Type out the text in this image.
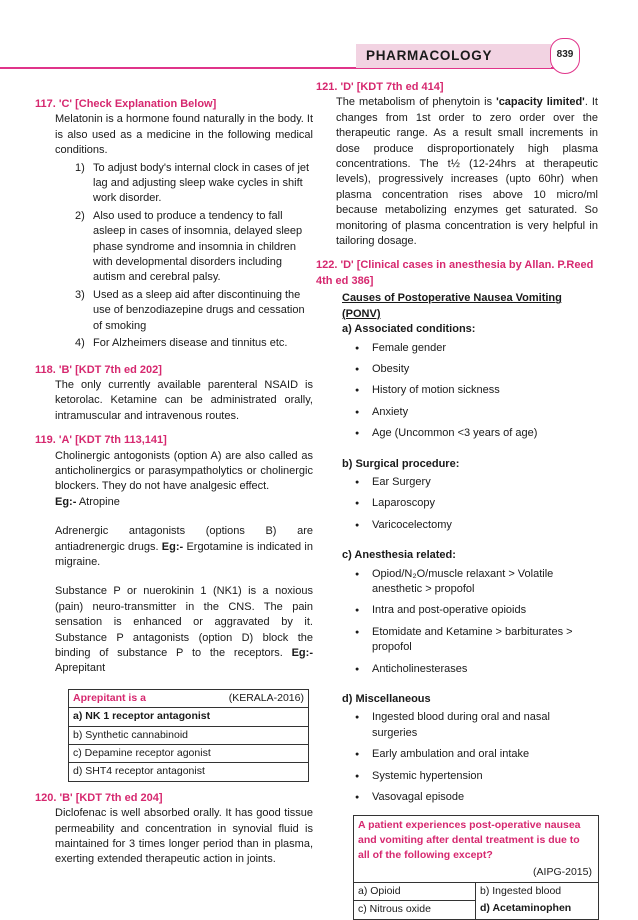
PHARMACOLOGY	839
117. 'C' [Check Explanation Below]

Melatonin is a hormone found naturally in the body. It is also used as a medicine in the following medical conditions.

1) To adjust body's internal clock in cases of jet lag and adjusting sleep wake cycles in shift work disorder.
2) Also used to produce a tendency to fall asleep in cases of insomnia, delayed sleep phase syndrome and insomnia in children with developmental disorders including autism and cerebral palsy.
3) Used as a sleep aid after discontinuing the use of benzodiazepine drugs and cessation of smoking
4) For Alzheimers disease and tinnitus etc.
118. 'B' [KDT 7th ed 202]

The only currently available parenteral NSAID is ketorolac. Ketamine can be administrated orally, intramuscular and intravenous routes.

119. 'A' [KDT 7th 113,141]

Cholinergic antogonists (option A) are also called as anticholinergics or parasympatholytics or cholinergic blockers. They do not have analgesic effect.
Eg:- Atropine

Adrenergic antagonists (options B) are antiadrenergic drugs. Eg:- Ergotamine is indicated in migraine.

Substance P or nuerokinin 1 (NK1) is a noxious (pain) neuro-transmitter in the CNS. The pain sensation is enhanced or aggravated by it. Substance P antagonists (option D) block the binding of substance P to the receptors. Eg:- Aprepitant

Aprepitant is a	(KERALA-2016)
a) NK 1 receptor antagonist
b) Synthetic cannabinoid
c) Depamine receptor agonist
d) SHT4 receptor antagonist
120. 'B' [KDT 7th ed 204]

Diclofenac is well absorbed orally. It has good tissue permeability and concentration in synovial fluid is maintained for 3 times longer period than in plasma, exerting extended therapeutic action in joints.

121. 'D' [KDT 7th ed 414]

The metabolism of phenytoin is 'capacity limited'. It changes from 1st order to zero order over the therapeutic range. As a result small increments in dose produce disproportionately high plasma concentrations. The t½ (12-24hrs at therapeutic levels), progressively increases (upto 60hr) when plasma concentration rises above 10 micro/ml because metabolizing enzymes get saturated. So monitoring of plasma concentration is very helpful in tailoring dosage.

122. 'D' [Clinical cases in anesthesia by Allan. P.Reed 4th ed 386]
Causes of Postoperative Nausea Vomiting (PONV)
a) Associated conditions:
● Female gender
● Obesity
● History of motion sickness
● Anxiety
● Age (Uncommon <3 years of age)
b) Surgical procedure:
● Ear Surgery
● Laparoscopy
● Varicocelectomy
c) Anesthesia related:
● Opiod/N₂O/muscle relaxant > Volatile anesthetic > propofol
● Intra and post-operative opioids
● Etomidate and Ketamine > barbiturates > propofol
● Anticholinesterases
d) Miscellaneous
● Ingested blood during oral and nasal surgeries
● Early ambulation and oral intake
● Systemic hypertension
● Vasovagal episode
A patient experiences post-operative nausea and vomiting after dental treatment is due to all of the following except?
(AIPG-2015)
a) Opioid	b) Ingested blood
c) Nitrous oxide	d) Acetaminophen
